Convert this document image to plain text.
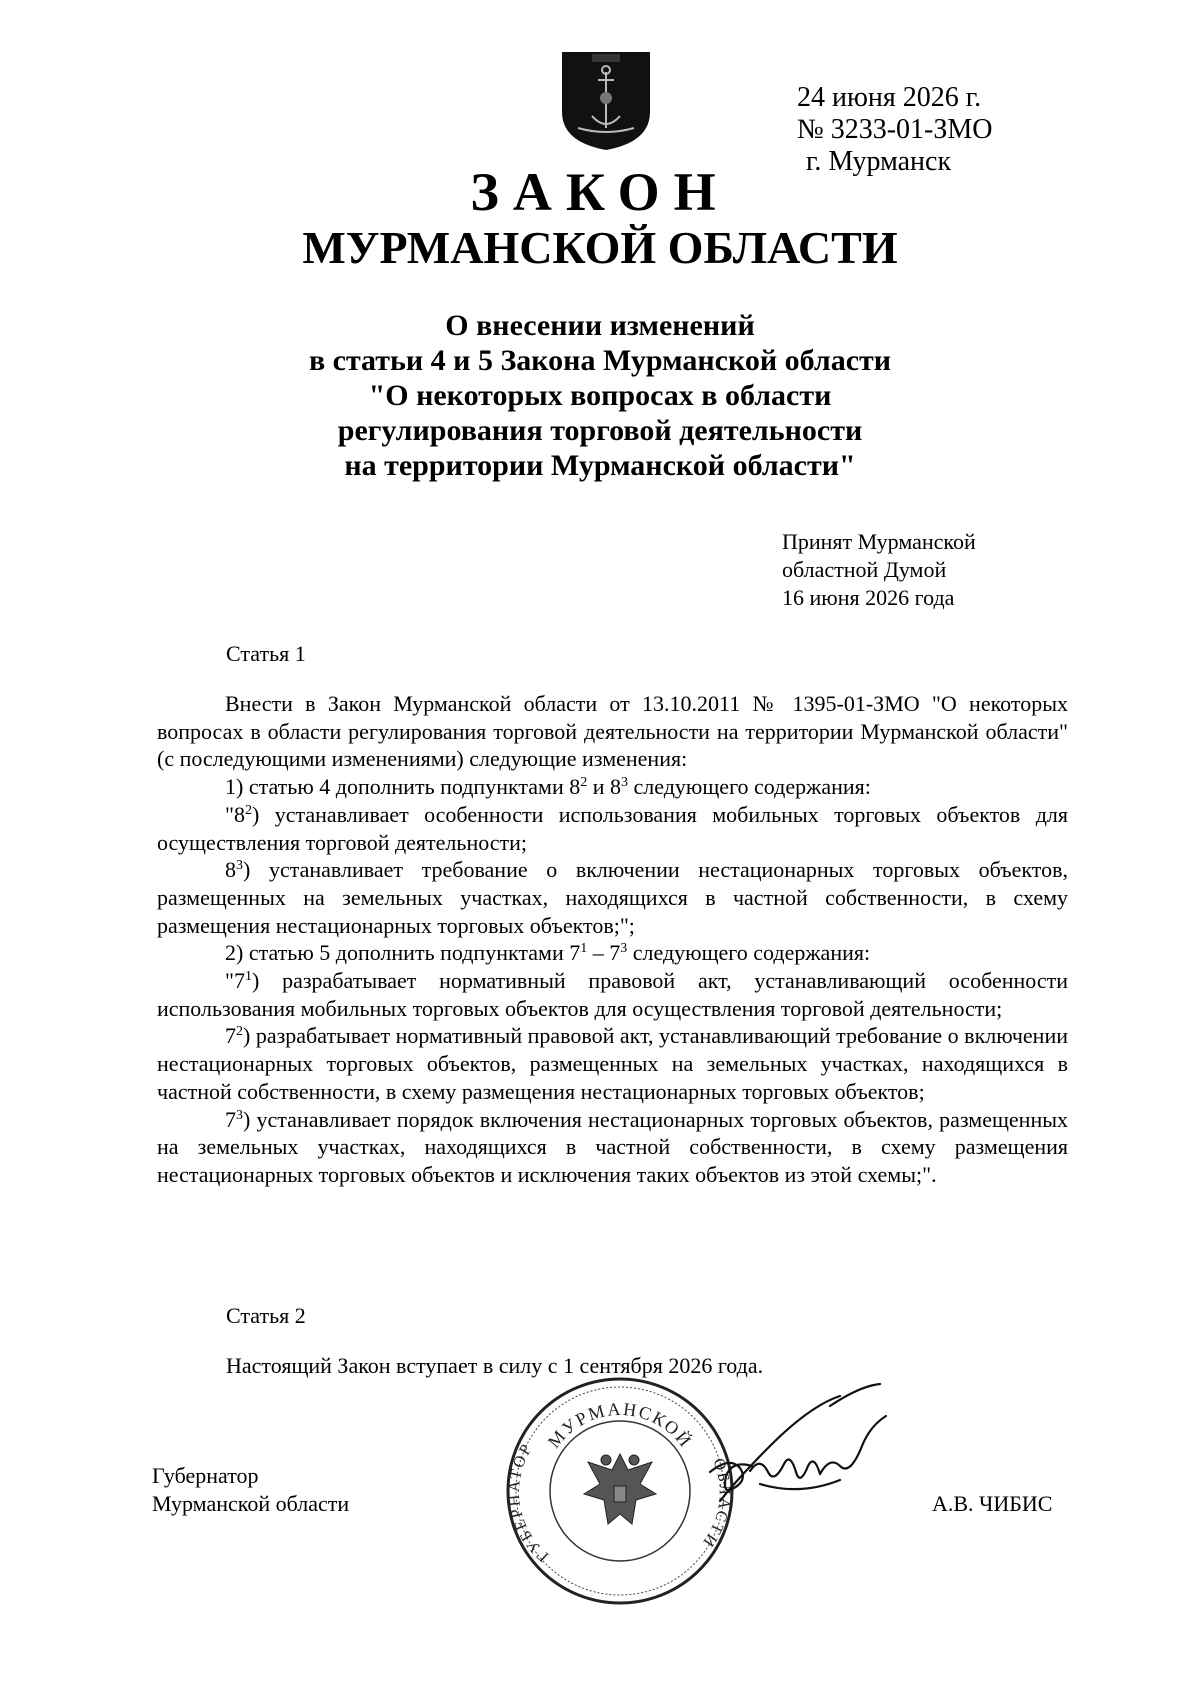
24 июня 2026 г.
№ 3233-01-ЗМО
г. Мурманск
ЗАКОН
МУРМАНСКОЙ ОБЛАСТИ
О внесении изменений
в статьи 4 и 5 Закона Мурманской области
"О некоторых вопросах в области
регулирования торговой деятельности
на территории Мурманской области"
Принят Мурманской
областной Думой
16 июня 2026 года
Статья 1

Внести в Закон Мурманской области от 13.10.2011 № 1395-01-ЗМО "О некоторых вопросах в области регулирования торговой деятельности на территории Мурманской области" (с последующими изменениями) следующие изменения:

1) статью 4 дополнить подпунктами $8^2$ и $8^3$ следующего содержания:

"$8^2$) устанавливает особенности использования мобильных торговых объектов для осуществления торговой деятельности;

$8^3$) устанавливает требование о включении нестационарных торговых объектов, размещенных на земельных участках, находящихся в частной собственности, в схему размещения нестационарных торговых объектов;";

2) статью 5 дополнить подпунктами $7^1 - 7^3$ следующего содержания:

"$7^1$) разрабатывает нормативный правовой акт, устанавливающий особенности использования мобильных торговых объектов для осуществления торговой деятельности;

$7^2$) разрабатывает нормативный правовой акт, устанавливающий требование о включении нестационарных торговых объектов, размещенных на земельных участках, находящихся в частной собственности, в схему размещения нестационарных торговых объектов;

$7^3$) устанавливает порядок включения нестационарных торговых объектов, размещенных на земельных участках, находящихся в частной собственности, в схему размещения нестационарных торговых объектов и исключения таких объектов из этой схемы;".

Статья 2
Настоящий Закон вступает в силу с 1 сентября 2026 года.
Губернатор
Мурманской области	А.В. ЧИБИС
МУРМАНСКОЙ
ГУБЕРНАТОР
ОБЛАСТИ
